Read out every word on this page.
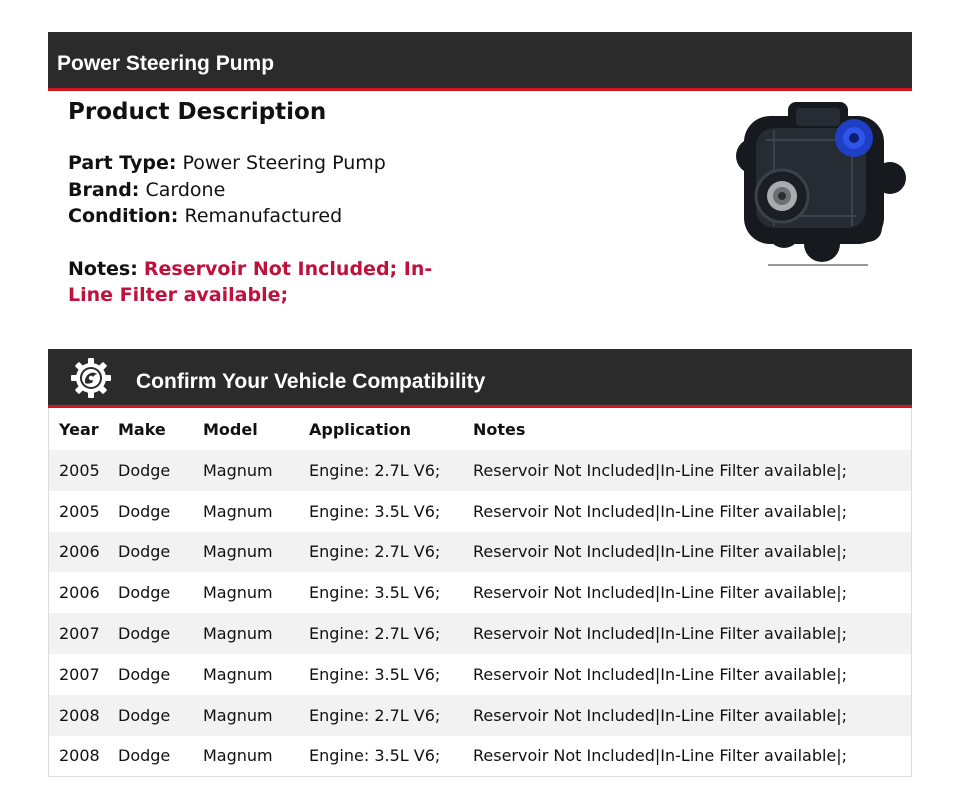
Power Steering Pump
Product Description
Part Type: Power Steering Pump
Brand: Cardone
Condition: Remanufactured
Notes: Reservoir Not Included; In-Line Filter available;
Confirm Your Vehicle Compatibility
Year	Make	Model	Application	Notes
2005	Dodge	Magnum	Engine: 2.7L V6;	Reservoir Not Included|In-Line Filter available|;
2005	Dodge	Magnum	Engine: 3.5L V6;	Reservoir Not Included|In-Line Filter available|;
2006	Dodge	Magnum	Engine: 2.7L V6;	Reservoir Not Included|In-Line Filter available|;
2006	Dodge	Magnum	Engine: 3.5L V6;	Reservoir Not Included|In-Line Filter available|;
2007	Dodge	Magnum	Engine: 2.7L V6;	Reservoir Not Included|In-Line Filter available|;
2007	Dodge	Magnum	Engine: 3.5L V6;	Reservoir Not Included|In-Line Filter available|;
2008	Dodge	Magnum	Engine: 2.7L V6;	Reservoir Not Included|In-Line Filter available|;
2008	Dodge	Magnum	Engine: 3.5L V6;	Reservoir Not Included|In-Line Filter available|;
